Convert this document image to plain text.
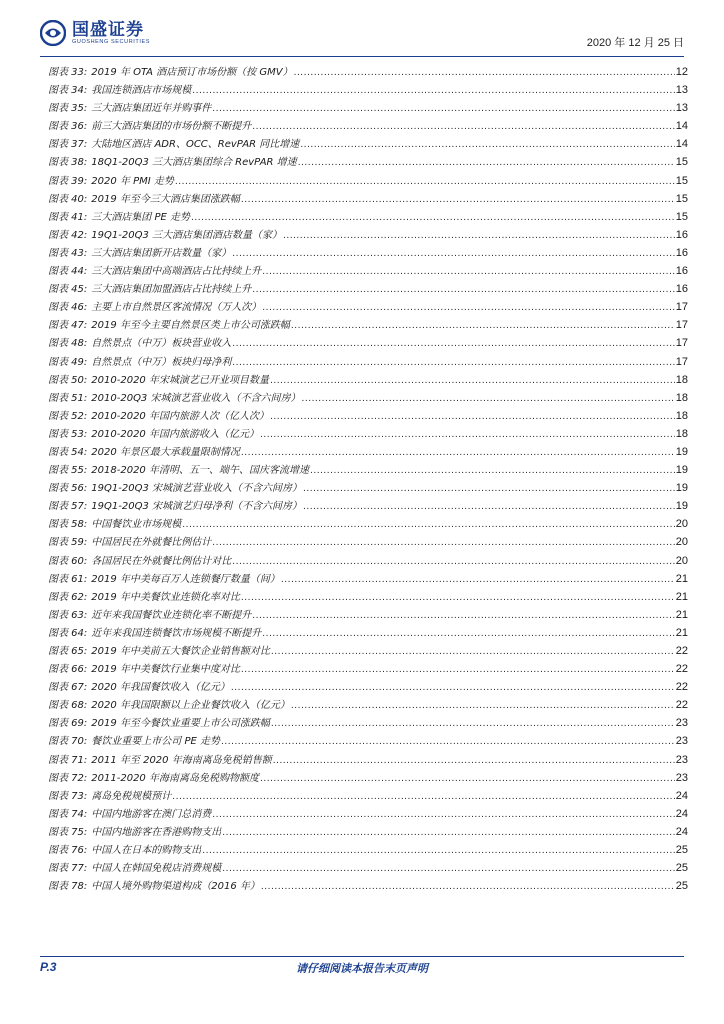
国盛证券
GUOSHENG SECURITIES	2020 年 12 月 25 日
图表 33: 2019 年 OTA 酒店预订市场份额（按 GMV） .....	12
图表 34: 我国连锁酒店市场规模 .....	13
图表 35: 三大酒店集团近年并购事件 .....	13
图表 36: 前三大酒店集团的市场份额不断提升 .....	14
图表 37: 大陆地区酒店 ADR、OCC、RevPAR 同比增速 .....	14
图表 38: 18Q1-20Q3 三大酒店集团综合 RevPAR 增速 .....	15
图表 39: 2020 年 PMI 走势 .....	15
图表 40: 2019 年至今三大酒店集团涨跌幅 .....	15
图表 41: 三大酒店集团 PE 走势 .....	15
图表 42: 19Q1-20Q3 三大酒店集团酒店数量（家） .....	16
图表 43: 三大酒店集团新开店数量（家） .....	16
图表 44: 三大酒店集团中高端酒店占比持续上升 .....	16
图表 45: 三大酒店集团加盟酒店占比持续上升 .....	16
图表 46: 主要上市自然景区客流情况（万人次） .....	17
图表 47: 2019 年至今主要自然景区类上市公司涨跌幅 .....	17
图表 48: 自然景点（中万）板块营业收入 .....	17
图表 49: 自然景点（中万）板块归母净利 .....	17
图表 50: 2010-2020 年宋城演艺已开业项目数量 .....	18
图表 51: 2010-20Q3 宋城演艺营业收入（不含六间房） .....	18
图表 52: 2010-2020 年国内旅游人次（亿人次） .....	18
图表 53: 2010-2020 年国内旅游收入（亿元） .....	18
图表 54: 2020 年景区最大承载量限制情况 .....	19
图表 55: 2018-2020 年清明、五一、端午、国庆客流增速 .....	19
图表 56: 19Q1-20Q3 宋城演艺营业收入（不含六间房） .....	19
图表 57: 19Q1-20Q3 宋城演艺归母净利（不含六间房） .....	19
图表 58: 中国餐饮业市场规模 .....	20
图表 59: 中国居民在外就餐比例估计 .....	20
图表 60: 各国居民在外就餐比例估计对比 .....	20
图表 61: 2019 年中美每百万人连锁餐厅数量（间） .....	21
图表 62: 2019 年中美餐饮业连锁化率对比 .....	21
图表 63: 近年来我国餐饮业连锁化率不断提升 .....	21
图表 64: 近年来我国连锁餐饮市场规模不断提升 .....	21
图表 65: 2019 年中美前五大餐饮企业销售额对比 .....	22
图表 66: 2019 年中美餐饮行业集中度对比 .....	22
图表 67: 2020 年我国餐饮收入（亿元） .....	22
图表 68: 2020 年我国限额以上企业餐饮收入（亿元） .....	22
图表 69: 2019 年至今餐饮业重要上市公司涨跌幅 .....	23
图表 70: 餐饮业重要上市公司 PE 走势 .....	23
图表 71: 2011 年至 2020 年海南离岛免税销售额 .....	23
图表 72: 2011-2020 年海南离岛免税购物额度 .....	23
图表 73: 离岛免税规模预计 .....	24
图表 74: 中国内地游客在澳门总消费 .....	24
图表 75: 中国内地游客在香港购物支出 .....	24
图表 76: 中国人在日本的购物支出 .....	25
图表 77: 中国人在韩国免税店消费规模 .....	25
图表 78: 中国人境外购物渠道构成（2016 年） .....	25
P.3	请仔细阅读本报告末页声明
